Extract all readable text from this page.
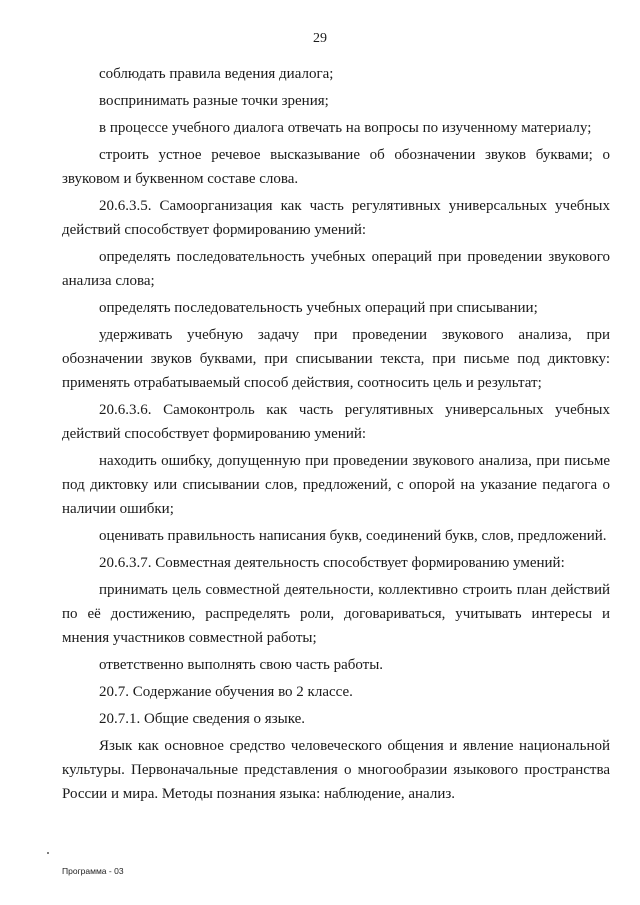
29

соблюдать правила ведения диалога;

воспринимать разные точки зрения;

в процессе учебного диалога отвечать на вопросы по изученному материалу;

строить устное речевое высказывание об обозначении звуков буквами; о звуковом и буквенном составе слова.

20.6.3.5. Самоорганизация как часть регулятивных универсальных учебных действий способствует формированию умений:

определять последовательность учебных операций при проведении звукового анализа слова;

определять последовательность учебных операций при списывании;

удерживать учебную задачу при проведении звукового анализа, при обозначении звуков буквами, при списывании текста, при письме под диктовку: применять отрабатываемый способ действия, соотносить цель и результат;

20.6.3.6. Самоконтроль как часть регулятивных универсальных учебных действий способствует формированию умений:

находить ошибку, допущенную при проведении звукового анализа, при письме под диктовку или списывании слов, предложений, с опорой на указание педагога о наличии ошибки;

оценивать правильность написания букв, соединений букв, слов, предложений.

20.6.3.7. Совместная деятельность способствует формированию умений:

принимать цель совместной деятельности, коллективно строить план действий по её достижению, распределять роли, договариваться, учитывать интересы и мнения участников совместной работы;

ответственно выполнять свою часть работы.

20.7. Содержание обучения во 2 классе.

20.7.1. Общие сведения о языке.

Язык как основное средство человеческого общения и явление национальной культуры. Первоначальные представления о многообразии языкового пространства России и мира. Методы познания языка: наблюдение, анализ.

Программа - 03
